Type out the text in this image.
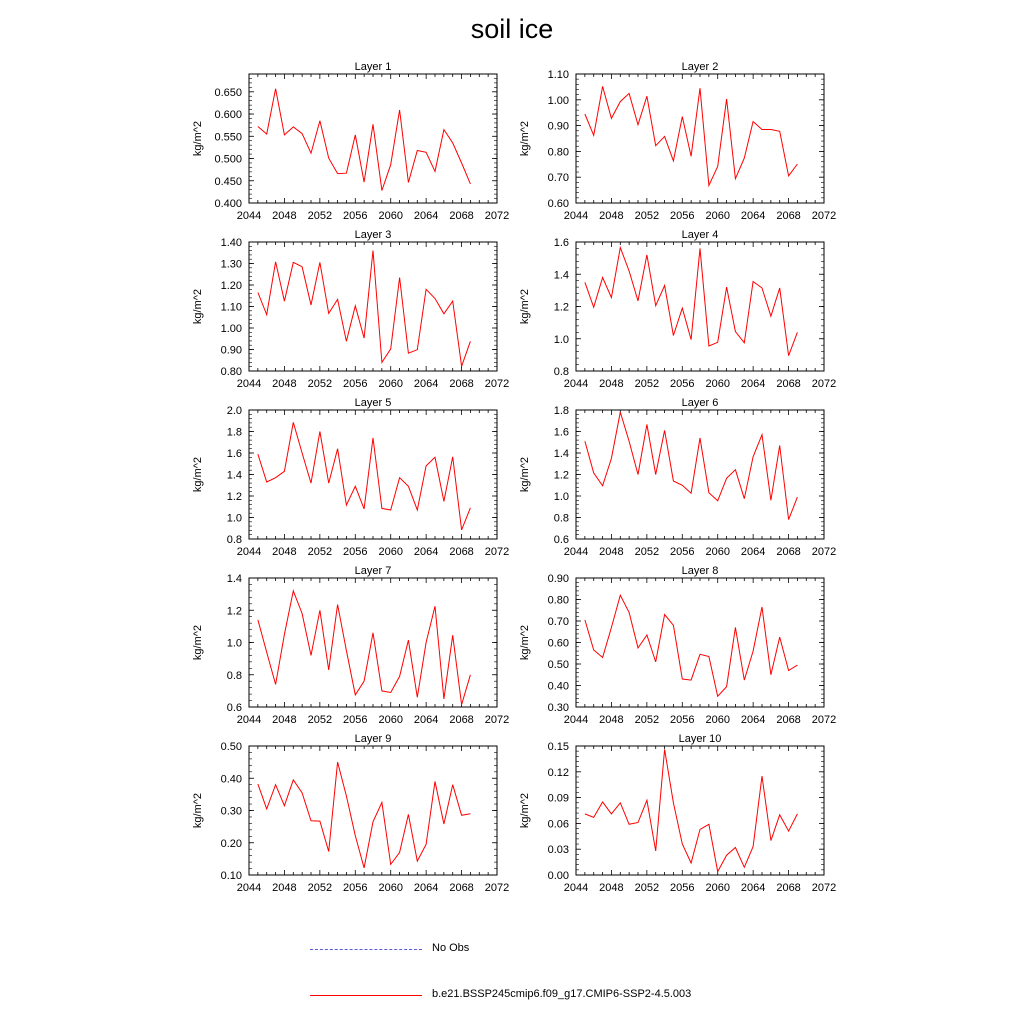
soil ice
Layer 1
kg/m^2
2044 2048 2052 2056 2060 2064 2068 2072
0.400
0.450
0.500
0.550
0.600
0.650
Layer 2
kg/m^2
2044 2048 2052 2056 2060 2064 2068 2072
0.60
0.70
0.80
0.90
1.00
1.10
Layer 3
kg/m^2
2044 2048 2052 2056 2060 2064 2068 2072
0.80
0.90
1.00
1.10
1.20
1.30
1.40
Layer 4
kg/m^2
2044 2048 2052 2056 2060 2064 2068 2072
0.8
1.0
1.2
1.4
1.6
Layer 5
kg/m^2
2044 2048 2052 2056 2060 2064 2068 2072
0.8
1.0
1.2
1.4
1.6
1.8
2.0
Layer 6
kg/m^2
2044 2048 2052 2056 2060 2064 2068 2072
0.6
0.8
1.0
1.2
1.4
1.6
1.8
Layer 7
kg/m^2
2044 2048 2052 2056 2060 2064 2068 2072
0.6
0.8
1.0
1.2
1.4
Layer 8
kg/m^2
2044 2048 2052 2056 2060 2064 2068 2072
0.30
0.40
0.50
0.60
0.70
0.80
0.90
Layer 9
kg/m^2
2044 2048 2052 2056 2060 2064 2068 2072
0.10
0.20
0.30
0.40
0.50
Layer 10
kg/m^2
2044 2048 2052 2056 2060 2064 2068 2072
0.00
0.03
0.06
0.09
0.12
0.15
No Obs
b.e21.BSSP245cmip6.f09_g17.CMIP6-SSP2-4.5.003
